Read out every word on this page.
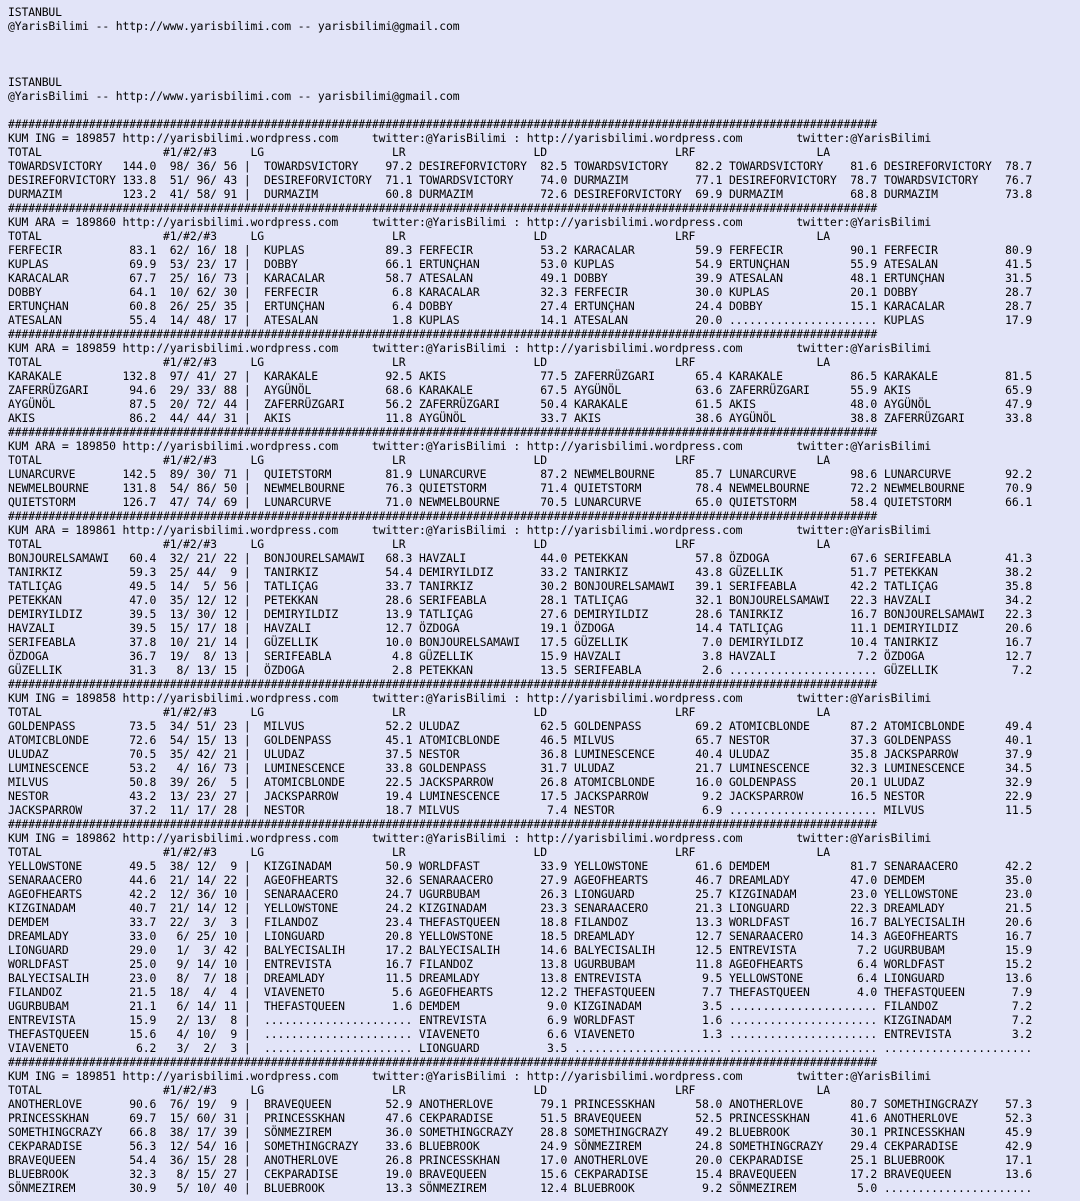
ISTANBUL
@YarisBilimi -- http://www.yarisbilimi.com -- yarisbilimi@gmail.com
ISTANBUL
@YarisBilimi -- http://www.yarisbilimi.com -- yarisbilimi@gmail.com
#################################################################################################################################
KUM ING = 189857 http://yarisbilimi.wordpress.com     twitter:@YarisBilimi : http://yarisbilimi.wordpress.com        twitter:@YarisBilimi
TOTAL                  #1/#2/#3     LG                   LR                   LD                   LRF                  LA
TOWARDSVICTORY   144.0  98/ 36/ 56 |  TOWARDSVICTORY    97.2 DESIREFORVICTORY  82.5 TOWARDSVICTORY    82.2 TOWARDSVICTORY    81.6 DESIREFORVICTORY  78.7
DESIREFORVICTORY 133.8  51/ 96/ 43 |  DESIREFORVICTORY  71.1 TOWARDSVICTORY    74.0 DURMAZIM          77.1 DESIREFORVICTORY  78.7 TOWARDSVICTORY    76.7
DURMAZIM         123.2  41/ 58/ 91 |  DURMAZIM          60.8 DURMAZIM          72.6 DESIREFORVICTORY  69.9 DURMAZIM          68.8 DURMAZIM          73.8
#################################################################################################################################
KUM ARA = 189860 http://yarisbilimi.wordpress.com     twitter:@YarisBilimi : http://yarisbilimi.wordpress.com        twitter:@YarisBilimi
TOTAL                  #1/#2/#3     LG                   LR                   LD                   LRF                  LA
FERFECIR          83.1  62/ 16/ 18 |  KUPLAS            89.3 FERFECIR          53.2 KARACALAR         59.9 FERFECIR          90.1 FERFECIR          80.9
KUPLAS            69.9  53/ 23/ 17 |  DOBBY             66.1 ERTUNÇHAN         53.0 KUPLAS            54.9 ERTUNÇHAN         55.9 ATESALAN          41.5
KARACALAR         67.7  25/ 16/ 73 |  KARACALAR         58.7 ATESALAN          49.1 DOBBY             39.9 ATESALAN          48.1 ERTUNÇHAN         31.5
DOBBY             64.1  10/ 62/ 30 |  FERFECIR           6.8 KARACALAR         32.3 FERFECIR          30.0 KUPLAS            20.1 DOBBY             28.7
ERTUNÇHAN         60.8  26/ 25/ 35 |  ERTUNÇHAN          6.4 DOBBY             27.4 ERTUNÇHAN         24.4 DOBBY             15.1 KARACALAR         28.7
ATESALAN          55.4  14/ 48/ 17 |  ATESALAN           1.8 KUPLAS            14.1 ATESALAN          20.0 ...................... KUPLAS            17.9
#################################################################################################################################
KUM ARA = 189859 http://yarisbilimi.wordpress.com     twitter:@YarisBilimi : http://yarisbilimi.wordpress.com        twitter:@YarisBilimi
TOTAL                  #1/#2/#3     LG                   LR                   LD                   LRF                  LA
KARAKALE         132.8  97/ 41/ 27 |  KARAKALE          92.5 AKIS              77.5 ZAFERRÜZGARI      65.4 KARAKALE          86.5 KARAKALE          81.5
ZAFERRÜZGARI      94.6  29/ 33/ 88 |  AYGÜNÖL           68.6 KARAKALE          67.5 AYGÜNÖL           63.6 ZAFERRÜZGARI      55.9 AKIS              65.9
AYGÜNÖL           87.5  20/ 72/ 44 |  ZAFERRÜZGARI      56.2 ZAFERRÜZGARI      50.4 KARAKALE          61.5 AKIS              48.0 AYGÜNÖL           47.9
AKIS              86.2  44/ 44/ 31 |  AKIS              11.8 AYGÜNÖL           33.7 AKIS              38.6 AYGÜNÖL           38.8 ZAFERRÜZGARI      33.8
#################################################################################################################################
KUM ARA = 189850 http://yarisbilimi.wordpress.com     twitter:@YarisBilimi : http://yarisbilimi.wordpress.com        twitter:@YarisBilimi
TOTAL                  #1/#2/#3     LG                   LR                   LD                   LRF                  LA
LUNARCURVE       142.5  89/ 30/ 71 |  QUIETSTORM        81.9 LUNARCURVE        87.2 NEWMELBOURNE      85.7 LUNARCURVE        98.6 LUNARCURVE        92.2
NEWMELBOURNE     131.8  54/ 86/ 50 |  NEWMELBOURNE      76.3 QUIETSTORM        71.4 QUIETSTORM        78.4 NEWMELBOURNE      72.2 NEWMELBOURNE      70.9
QUIETSTORM       126.7  47/ 74/ 69 |  LUNARCURVE        71.0 NEWMELBOURNE      70.5 LUNARCURVE        65.0 QUIETSTORM        58.4 QUIETSTORM        66.1
#################################################################################################################################
KUM ARA = 189861 http://yarisbilimi.wordpress.com     twitter:@YarisBilimi : http://yarisbilimi.wordpress.com        twitter:@YarisBilimi
TOTAL                  #1/#2/#3     LG                   LR                   LD                   LRF                  LA
BONJOURELSAMAWI   60.4  32/ 21/ 22 |  BONJOURELSAMAWI   68.3 HAVZALI           44.0 PETEKKAN          57.8 ÖZDOGA            67.6 SERIFEABLA        41.3
TANIRKIZ          59.3  25/ 44/  9 |  TANIRKIZ          54.4 DEMIRYILDIZ       33.2 TANIRKIZ          43.8 GÜZELLIK          51.7 PETEKKAN          38.2
TATLIÇAG          49.5  14/  5/ 56 |  TATLIÇAG          33.7 TANIRKIZ          30.2 BONJOURELSAMAWI   39.1 SERIFEABLA        42.2 TATLIÇAG          35.8
PETEKKAN          47.0  35/ 12/ 12 |  PETEKKAN          28.6 SERIFEABLA        28.1 TATLIÇAG          32.1 BONJOURELSAMAWI   22.3 HAVZALI           34.2
DEMIRYILDIZ       39.5  13/ 30/ 12 |  DEMIRYILDIZ       13.9 TATLIÇAG          27.6 DEMIRYILDIZ       28.6 TANIRKIZ          16.7 BONJOURELSAMAWI   22.3
HAVZALI           39.5  15/ 17/ 18 |  HAVZALI           12.7 ÖZDOGA            19.1 ÖZDOGA            14.4 TATLIÇAG          11.1 DEMIRYILDIZ       20.6
SERIFEABLA        37.8  10/ 21/ 14 |  GÜZELLIK          10.0 BONJOURELSAMAWI   17.5 GÜZELLIK           7.0 DEMIRYILDIZ       10.4 TANIRKIZ          16.7
ÖZDOGA            36.7  19/  8/ 13 |  SERIFEABLA         4.8 GÜZELLIK          15.9 HAVZALI            3.8 HAVZALI            7.2 ÖZDOGA            12.7
GÜZELLIK          31.3   8/ 13/ 15 |  ÖZDOGA             2.8 PETEKKAN          13.5 SERIFEABLA         2.6 ...................... GÜZELLIK           7.2
#################################################################################################################################
KUM ING = 189858 http://yarisbilimi.wordpress.com     twitter:@YarisBilimi : http://yarisbilimi.wordpress.com        twitter:@YarisBilimi
TOTAL                  #1/#2/#3     LG                   LR                   LD                   LRF                  LA
GOLDENPASS        73.5  34/ 51/ 23 |  MILVUS            52.2 ULUDAZ            62.5 GOLDENPASS        69.2 ATOMICBLONDE      87.2 ATOMICBLONDE      49.4
ATOMICBLONDE      72.6  54/ 15/ 13 |  GOLDENPASS        45.1 ATOMICBLONDE      46.5 MILVUS            65.7 NESTOR            37.3 GOLDENPASS        40.1
ULUDAZ            70.5  35/ 42/ 21 |  ULUDAZ            37.5 NESTOR            36.8 LUMINESCENCE      40.4 ULUDAZ            35.8 JACKSPARROW       37.9
LUMINESCENCE      53.2   4/ 16/ 73 |  LUMINESCENCE      33.8 GOLDENPASS        31.7 ULUDAZ            21.7 LUMINESCENCE      32.3 LUMINESCENCE      34.5
MILVUS            50.8  39/ 26/  5 |  ATOMICBLONDE      22.5 JACKSPARROW       26.8 ATOMICBLONDE      16.0 GOLDENPASS        20.1 ULUDAZ            32.9
NESTOR            43.2  13/ 23/ 27 |  JACKSPARROW       19.4 LUMINESCENCE      17.5 JACKSPARROW        9.2 JACKSPARROW       16.5 NESTOR            22.9
JACKSPARROW       37.2  11/ 17/ 28 |  NESTOR            18.7 MILVUS             7.4 NESTOR             6.9 ...................... MILVUS            11.5
#################################################################################################################################
KUM ING = 189862 http://yarisbilimi.wordpress.com     twitter:@YarisBilimi : http://yarisbilimi.wordpress.com        twitter:@YarisBilimi
TOTAL                  #1/#2/#3     LG                   LR                   LD                   LRF                  LA
YELLOWSTONE       49.5  38/ 12/  9 |  KIZGINADAM        50.9 WORLDFAST         33.9 YELLOWSTONE       61.6 DEMDEM            81.7 SENARAACERO       42.2
SENARAACERO       44.6  21/ 14/ 22 |  AGEOFHEARTS       32.6 SENARAACERO       27.9 AGEOFHEARTS       46.7 DREAMLADY         47.0 DEMDEM            35.0
AGEOFHEARTS       42.2  12/ 36/ 10 |  SENARAACERO       24.7 UGURBUBAM         26.3 LIONGUARD         25.7 KIZGINADAM        23.0 YELLOWSTONE       23.0
KIZGINADAM        40.7  21/ 14/ 12 |  YELLOWSTONE       24.2 KIZGINADAM        23.3 SENARAACERO       21.3 LIONGUARD         22.3 DREAMLADY         21.5
DEMDEM            33.7  22/  3/  3 |  FILANDOZ          23.4 THEFASTQUEEN      18.8 FILANDOZ          13.3 WORLDFAST         16.7 BALYECISALIH      20.6
DREAMLADY         33.0   6/ 25/ 10 |  LIONGUARD         20.8 YELLOWSTONE       18.5 DREAMLADY         12.7 SENARAACERO       14.3 AGEOFHEARTS       16.7
LIONGUARD         29.0   1/  3/ 42 |  BALYECISALIH      17.2 BALYECISALIH      14.6 BALYECISALIH      12.5 ENTREVISTA         7.2 UGURBUBAM         15.9
WORLDFAST         25.0   9/ 14/ 10 |  ENTREVISTA        16.7 FILANDOZ          13.8 UGURBUBAM         11.8 AGEOFHEARTS        6.4 WORLDFAST         15.2
BALYECISALIH      23.0   8/  7/ 18 |  DREAMLADY         11.5 DREAMLADY         13.8 ENTREVISTA         9.5 YELLOWSTONE        6.4 LIONGUARD         13.6
FILANDOZ          21.5  18/  4/  4 |  VIAVENETO          5.6 AGEOFHEARTS       12.2 THEFASTQUEEN       7.7 THEFASTQUEEN       4.0 THEFASTQUEEN       7.9
UGURBUBAM         21.1   6/ 14/ 11 |  THEFASTQUEEN       1.6 DEMDEM             9.0 KIZGINADAM         3.5 ...................... FILANDOZ           7.2
ENTREVISTA        15.9   2/ 13/  8 |  ...................... ENTREVISTA         6.9 WORLDFAST          1.6 ...................... KIZGINADAM         7.2
THEFASTQUEEN      15.6   4/ 10/  9 |  ...................... VIAVENETO          6.6 VIAVENETO          1.3 ...................... ENTREVISTA         3.2
VIAVENETO          6.2   3/  2/  3 |  ...................... LIONGUARD          3.5 ...................... ...................... ......................
#################################################################################################################################
KUM ING = 189851 http://yarisbilimi.wordpress.com     twitter:@YarisBilimi : http://yarisbilimi.wordpress.com        twitter:@YarisBilimi
TOTAL                  #1/#2/#3     LG                   LR                   LD                   LRF                  LA
ANOTHERLOVE       90.6  76/ 19/  9 |  BRAVEQUEEN        52.9 ANOTHERLOVE       79.1 PRINCESSKHAN      58.0 ANOTHERLOVE       80.7 SOMETHINGCRAZY    57.3
PRINCESSKHAN      69.7  15/ 60/ 31 |  PRINCESSKHAN      47.6 CEKPARADISE       51.5 BRAVEQUEEN        52.5 PRINCESSKHAN      41.6 ANOTHERLOVE       52.3
SOMETHINGCRAZY    66.8  38/ 17/ 39 |  SÖNMEZIREM        36.0 SOMETHINGCRAZY    28.8 SOMETHINGCRAZY    49.2 BLUEBROOK         30.1 PRINCESSKHAN      45.9
CEKPARADISE       56.3  12/ 54/ 16 |  SOMETHINGCRAZY    33.6 BLUEBROOK         24.9 SÖNMEZIREM        24.8 SOMETHINGCRAZY    29.4 CEKPARADISE       42.9
BRAVEQUEEN        54.4  36/ 15/ 28 |  ANOTHERLOVE       26.8 PRINCESSKHAN      17.0 ANOTHERLOVE       20.0 CEKPARADISE       25.1 BLUEBROOK         17.1
BLUEBROOK         32.3   8/ 15/ 27 |  CEKPARADISE       19.0 BRAVEQUEEN        15.6 CEKPARADISE       15.4 BRAVEQUEEN        17.2 BRAVEQUEEN        13.6
SÖNMEZIREM        30.9   5/ 10/ 40 |  BLUEBROOK         13.3 SÖNMEZIREM        12.4 BLUEBROOK          9.2 SÖNMEZIREM         5.0 ......................
